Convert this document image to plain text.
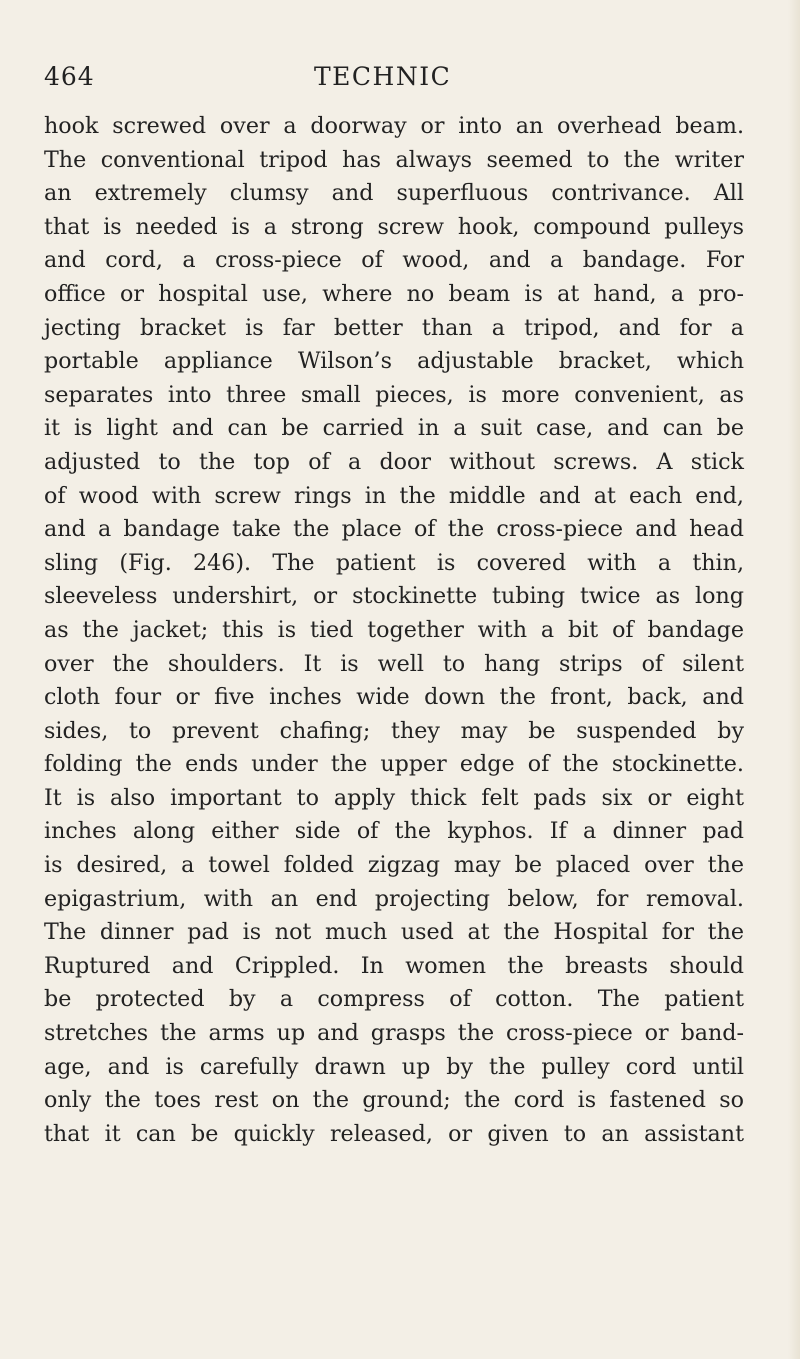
464	TECHNIC
hook screwed over a doorway or into an overhead beam.
The conventional tripod has always seemed to the writer
an extremely clumsy and superfluous contrivance. All
that is needed is a strong screw hook, compound pulleys
and cord, a cross-piece of wood, and a bandage. For
office or hospital use, where no beam is at hand, a pro-
jecting bracket is far better than a tripod, and for a
portable appliance Wilson’s adjustable bracket, which
separates into three small pieces, is more convenient, as
it is light and can be carried in a suit case, and can be
adjusted to the top of a door without screws. A stick
of wood with screw rings in the middle and at each end,
and a bandage take the place of the cross-piece and head
sling (Fig. 246). The patient is covered with a thin,
sleeveless undershirt, or stockinette tubing twice as long
as the jacket; this is tied together with a bit of bandage
over the shoulders. It is well to hang strips of silent
cloth four or five inches wide down the front, back, and
sides, to prevent chafing; they may be suspended by
folding the ends under the upper edge of the stockinette.
It is also important to apply thick felt pads six or eight
inches along either side of the kyphos. If a dinner pad
is desired, a towel folded zigzag may be placed over the
epigastrium, with an end projecting below, for removal.
The dinner pad is not much used at the Hospital for the
Ruptured and Crippled. In women the breasts should
be protected by a compress of cotton. The patient
stretches the arms up and grasps the cross-piece or band-
age, and is carefully drawn up by the pulley cord until
only the toes rest on the ground; the cord is fastened so
that it can be quickly released, or given to an assistant
